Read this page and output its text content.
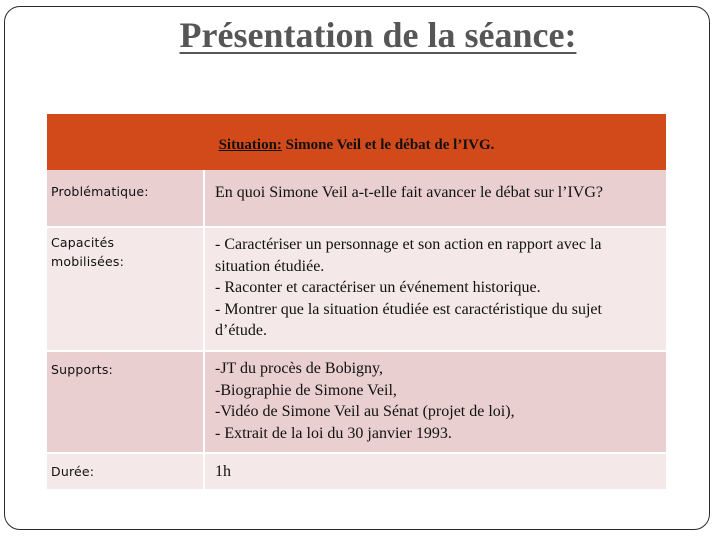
Présentation de la séance:
Situation: Simone Veil et le débat de l’IVG.
Problématique:	En quoi Simone Veil a-t-elle fait avancer le débat sur l’IVG?

Capacités
mobilisées:	- Caractériser un personnage et son action en rapport avec la
situation étudiée.
- Raconter et caractériser un événement historique.
- Montrer que la situation étudiée est caractéristique du sujet
d’étude.

Supports:	-JT du procès de Bobigny,
-Biographie de Simone Veil,
-Vidéo de Simone Veil au Sénat (projet de loi),
- Extrait de la loi du 30 janvier 1993.

Durée:	1h
